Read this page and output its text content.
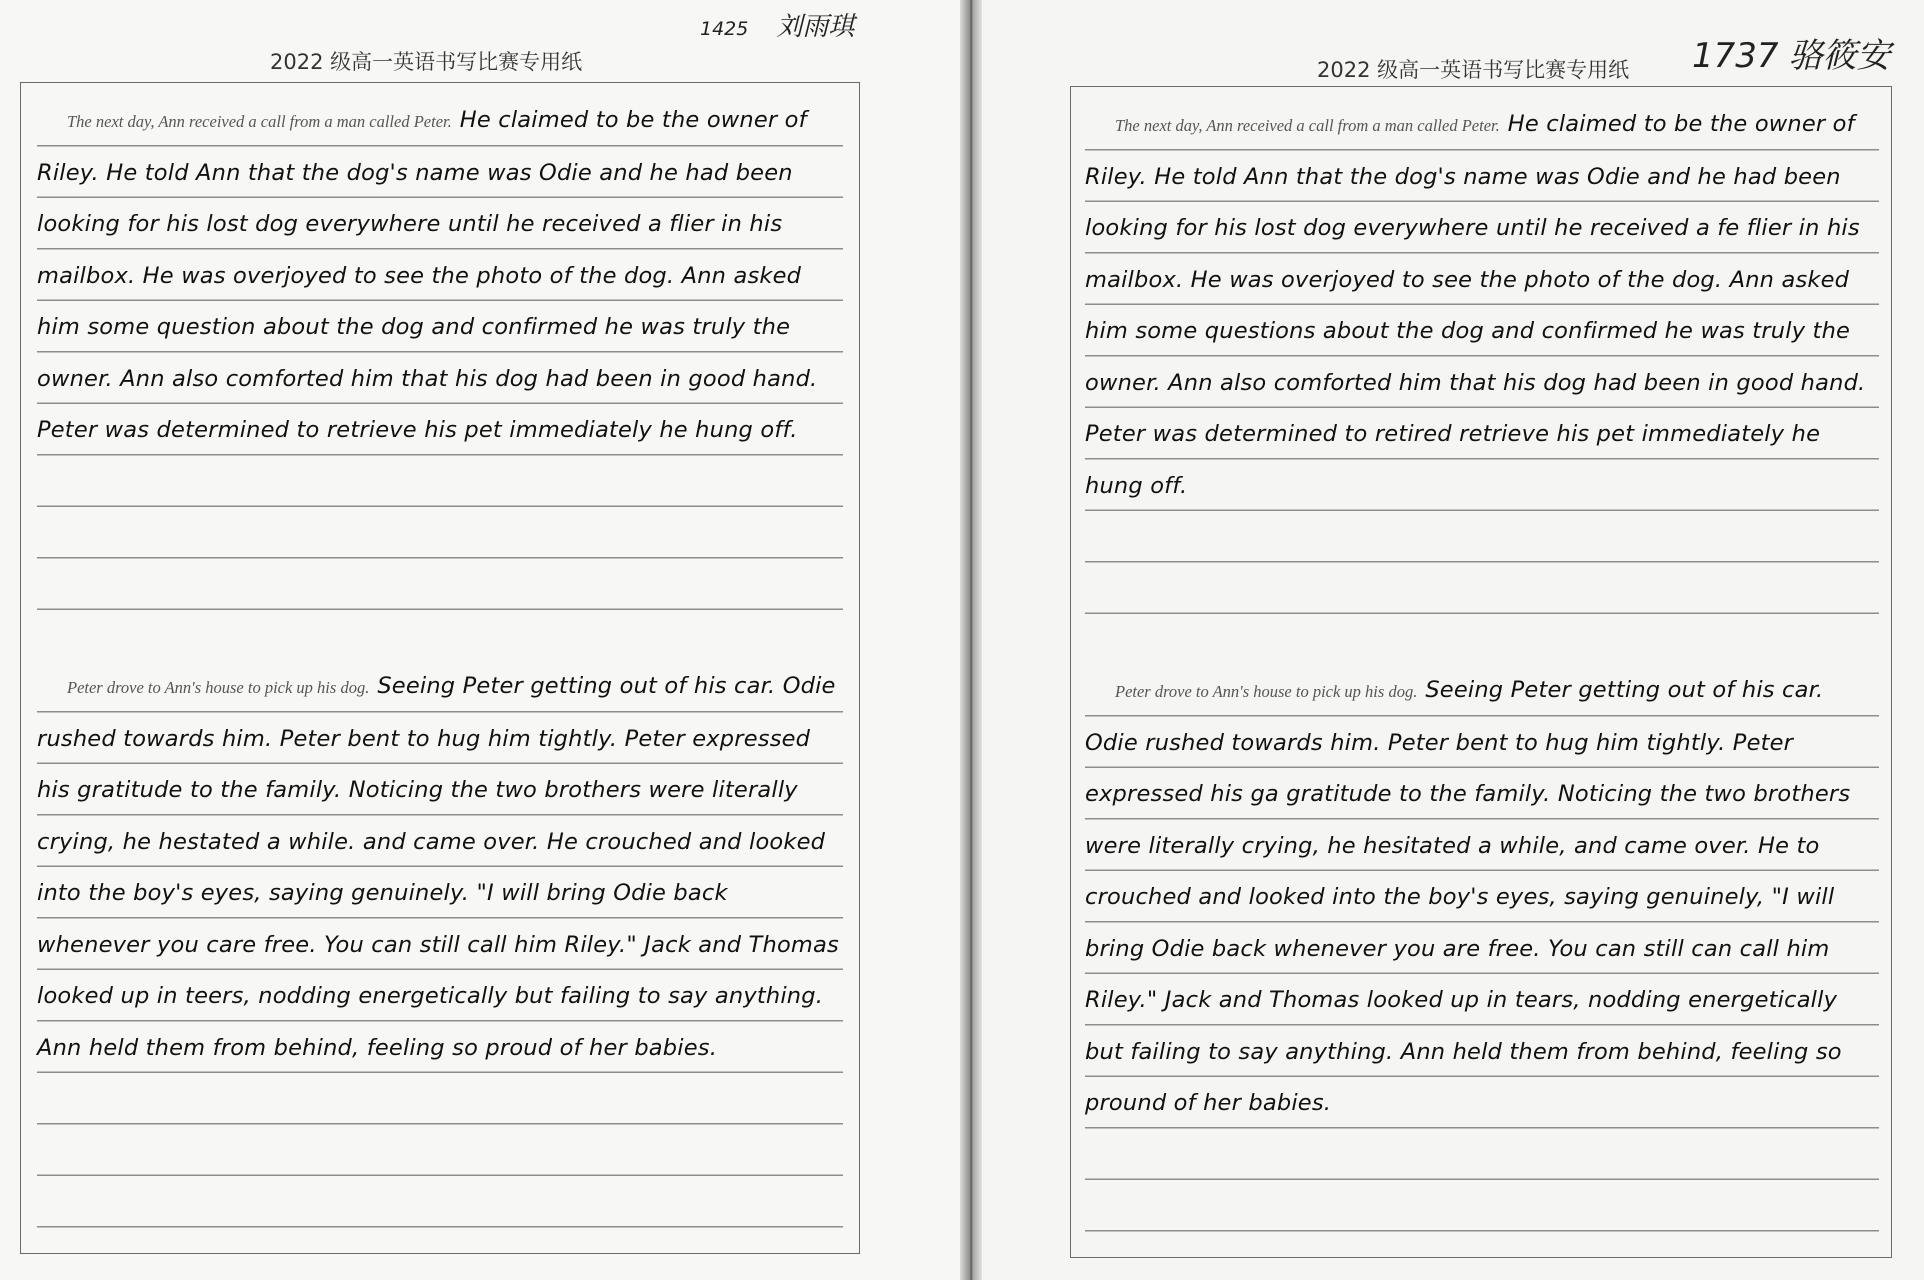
1425 刘雨琪
2022 级高一英语书写比赛专用纸

The next day, Ann received a call from a man called Peter. He claimed to be the owner of Riley. He told Ann that the dog's name was Odie and he had been looking for his lost dog everywhere until he received a flier in his mailbox. He was overjoyed to see the photo of the dog. Ann asked him some question about the dog and confirmed he was truly the owner. Ann also comforted him that his dog had been in good hand. Peter was determined to retrieve his pet immediately he hung off.

Peter drove to Ann's house to pick up his dog. Seeing Peter getting out of his car. Odie rushed towards him. Peter bent to hug him tightly. Peter expressed his gratitude to the family. Noticing the two brothers were literally crying, he hestated a while. and came over. He crouched and looked into the boy's eyes, saying genuinely. "I will bring Odie back whenever you care free. You can still call him Riley." Jack and Thomas looked up in teers, nodding energetically but failing to say anything. Ann held them from behind, feeling so proud of her babies.

2022 级高一英语书写比赛专用纸 1737 骆筱安

The next day, Ann received a call from a man called Peter. He claimed to be the owner of Riley. He told Ann that the dog's name was Odie and he had been looking for his lost dog everywhere until he received a fe flier in his mailbox. He was overjoyed to see the photo of the dog. Ann asked him some questions about the dog and confirmed he was truly the owner. Ann also comforted him that his dog had been in good hand. Peter was determined to retired retrieve his pet immediately he hung off.

Peter drove to Ann's house to pick up his dog. Seeing Peter getting out of his car. Odie rushed towards him. Peter bent to hug him tightly. Peter expressed his ga gratitude to the family. Noticing the two brothers were literally crying, he hesitated a while, and came over. He to crouched and looked into the boy's eyes, saying genuinely, "I will bring Odie back whenever you are free. You can still can call him Riley." Jack and Thomas looked up in tears, nodding energetically but failing to say anything. Ann held them from behind, feeling so pround of her babies.
